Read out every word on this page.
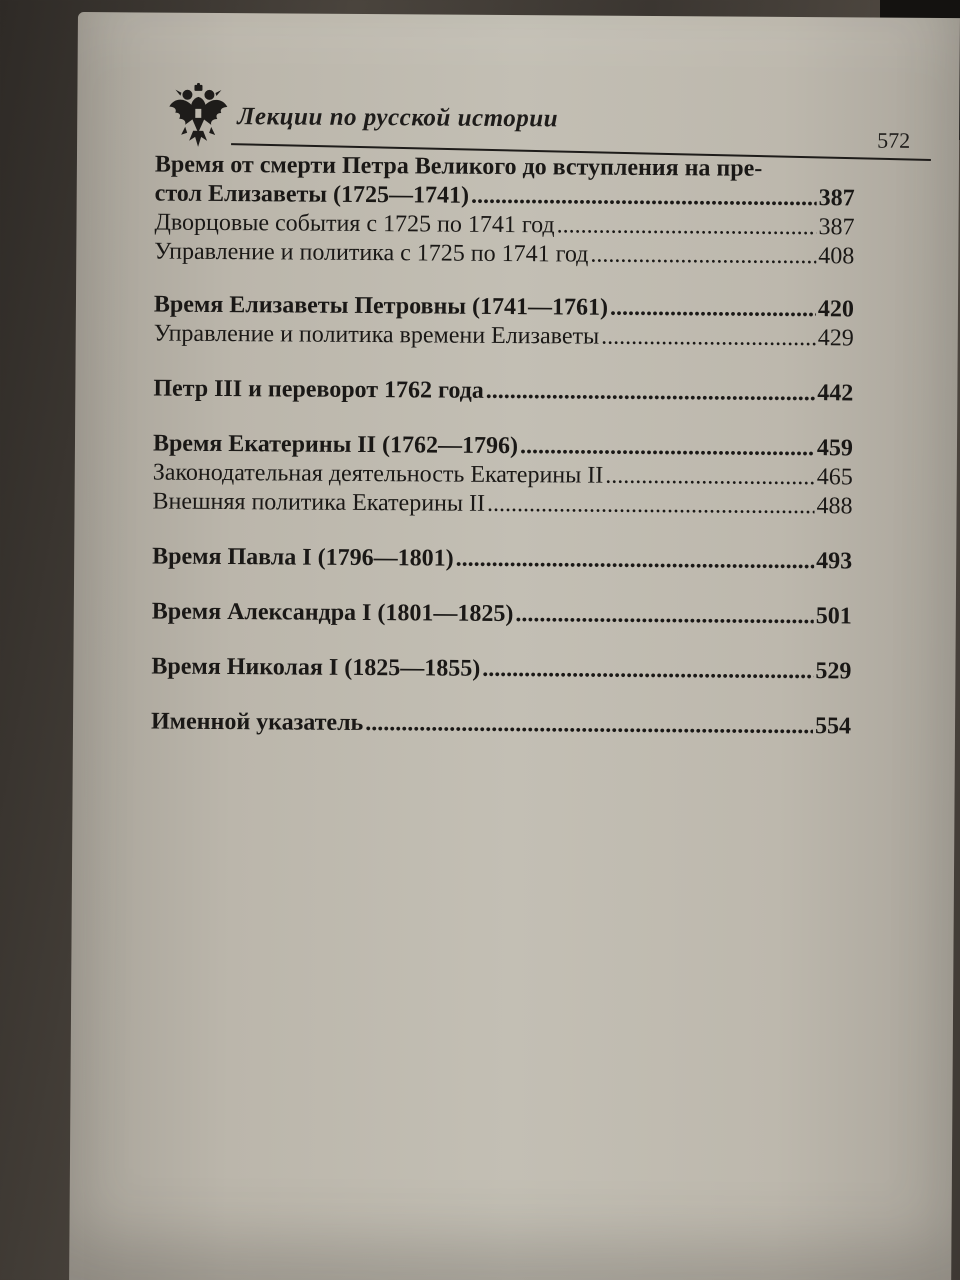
Лекции по русской истории
572
Время от смерти Петра Великого до вступления на пре-
стол Елизаветы (1725—1741) .....	387
Дворцовые события с 1725 по 1741 год .....	387
Управление и политика с 1725 по 1741 год .....	408
Время Елизаветы Петровны (1741—1761) .....	420
Управление и политика времени Елизаветы .....	429
Петр III и переворот 1762 года .....	442
Время Екатерины II (1762—1796) .....	459
Законодательная деятельность Екатерины II .....	465
Внешняя политика Екатерины II .....	488
Время Павла I (1796—1801) .....	493
Время Александра I (1801—1825) .....	501
Время Николая I (1825—1855) .....	529
Именной указатель .....	554
